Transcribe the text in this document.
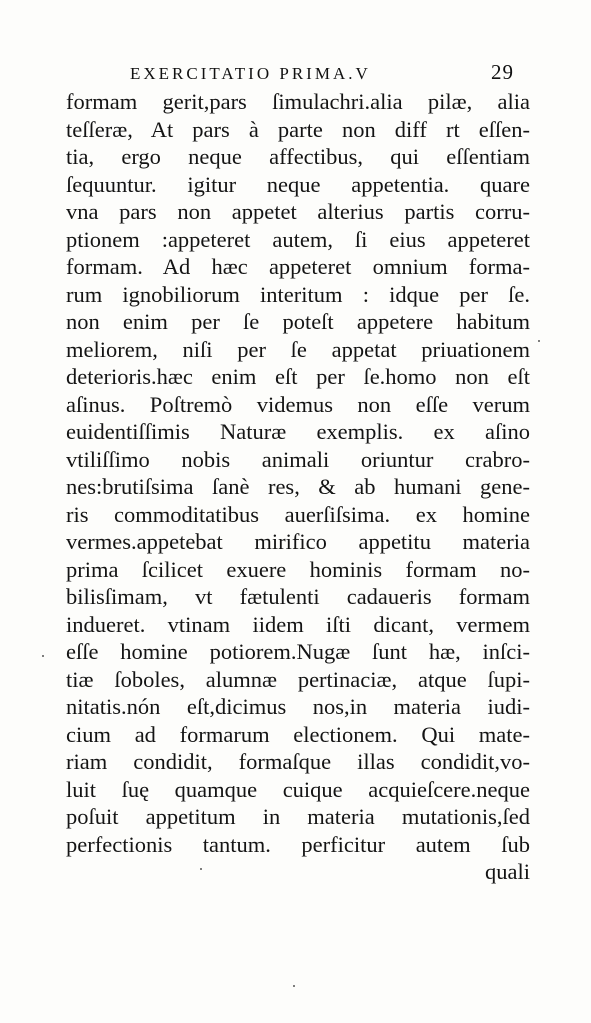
EXERCITATIO PRIMA.V	29
formam gerit,pars ſimulachri.alia pilæ, alia
teſſeræ, At pars à parte non diff rt eſſen-
tia, ergo neque affectibus, qui eſſentiam
ſequuntur. igitur neque appetentia. quare
vna pars non appetet alterius partis corru-
ptionem :appeteret autem, ſi eius appeteret
formam. Ad hæc appeteret omnium forma-
rum ignobiliorum interitum : idque per ſe.
non enim per ſe poteſt appetere habitum
meliorem, niſi per ſe appetat priuationem
deterioris.hæc enim eſt per ſe.homo non eſt
aſinus. Poſtremò videmus non eſſe verum
euidentiſſimis Naturæ exemplis. ex aſino
vtiliſſimo nobis animali oriuntur crabro-
nes:brutiſsima ſanè res, & ab humani gene-
ris commoditatibus auerſiſsima. ex homine
vermes.appetebat mirifico appetitu materia
prima ſcilicet exuere hominis formam no-
bilisſimam, vt fætulenti cadaueris formam
indueret. vtinam iidem iſti dicant, vermem
eſſe homine potiorem.Nugæ ſunt hæ, inſci-
tiæ ſoboles, alumnæ pertinaciæ, atque ſupi-
nitatis.nón eſt,dicimus nos,in materia iudi-
cium ad formarum electionem. Qui mate-
riam condidit, formaſque illas condidit,vo-
luit ſuę quamque cuique acquieſcere.neque
poſuit appetitum in materia mutationis,ſed
perfectionis tantum. perficitur autem ſub
quali
